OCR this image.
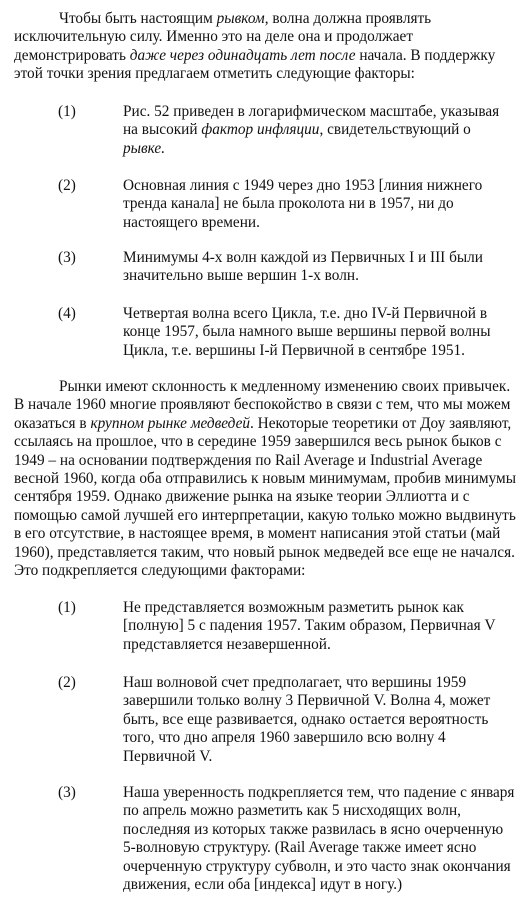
Чтобы быть настоящим рывком, волна должна проявлять
исключительную силу. Именно это на деле она и продолжает
демонстрировать даже через одинадцать лет после начала. В поддержку
этой точки зрения предлагаем отметить следующие факторы:
(1)	Рис. 52 приведен в логарифмическом масштабе, указывая
на высокий фактор инфляции, свидетельствующий о
рывке.
(2)	Основная линия с 1949 через дно 1953 [линия нижнего
тренда канала] не была проколота ни в 1957, ни до
настоящего времени.
(3)	Минимумы 4-х волн каждой из Первичных I и III были
значительно выше вершин 1-х волн.
(4)	Четвертая волна всего Цикла, т.е. дно IV-й Первичной в
конце 1957, была намного выше вершины первой волны
Цикла, т.е. вершины I-й Первичной в сентябре 1951.
Рынки имеют склонность к медленному изменению своих привычек.
В начале 1960 многие проявляют беспокойство в связи с тем, что мы можем
оказаться в крупном рынке медведей. Некоторые теоретики от Доу заявляют,
ссылаясь на прошлое, что в середине 1959 завершился весь рынок быков с
1949 – на основании подтверждения по Rail Average и Industrial Average
весной 1960, когда оба отправились к новым минимумам, пробив минимумы
сентября 1959. Однако движение рынка на языке теории Эллиотта и с
помощью самой лучшей его интерпретации, какую только можно выдвинуть
в его отсутствие, в настоящее время, в момент написания этой статьи (май
1960), представляется таким, что новый рынок медведей все еще не начался.
Это подкрепляется следующими факторами:
(1)	Не представляется возможным разметить рынок как
[полную] 5 с падения 1957. Таким образом, Первичная V
представляется незавершенной.
(2)	Наш волновой счет предполагает, что вершины 1959
завершили только волну 3 Первичной V. Волна 4, может
быть, все еще развивается, однако остается вероятность
того, что дно апреля 1960 завершило всю волну 4
Первичной V.
(3)	Наша уверенность подкрепляется тем, что падение с января
по апрель можно разметить как 5 нисходящих волн,
последняя из которых также развилась в ясно очерченную
5-волновую структуру. (Rail Average также имеет ясно
очерченную структуру субволн, и это часто знак окончания
движения, если оба [индекса] идут в ногу.)
